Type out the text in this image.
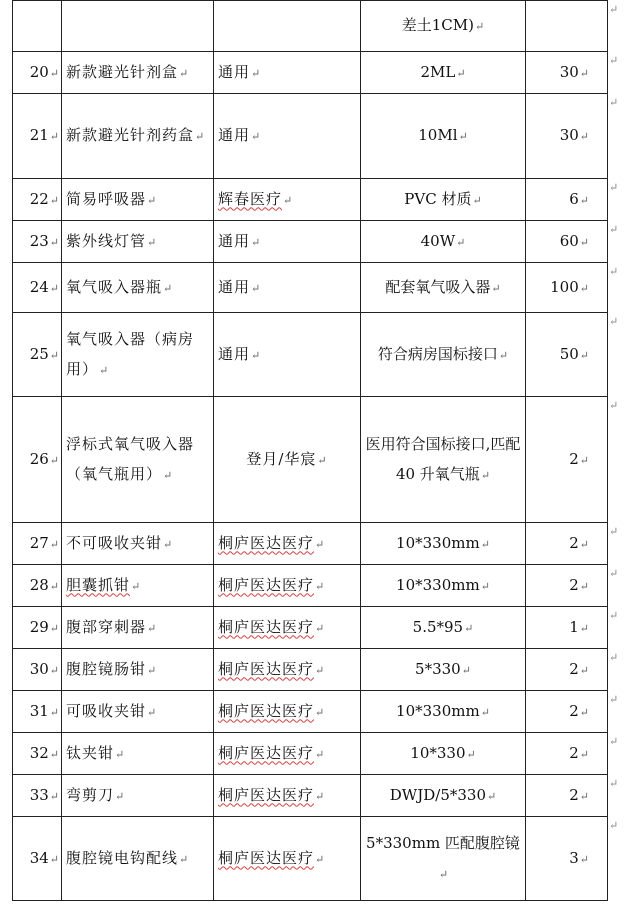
			差土1CM)↵	
20↵	新款避光针剂盒↵	通用↵	2ML↵	30↵
21↵	新款避光针剂药盒↵	通用↵	10Ml↵	30↵
22↵	简易呼吸器↵	辉春医疗↵	PVC 材质↵	6↵
23↵	紫外线灯管↵	通用↵	40W↵	60↵
24↵	氧气吸入器瓶↵	通用↵	配套氧气吸入器↵	100↵
25↵	氧气吸入器（病房用）↵	通用↵	符合病房国标接口↵	50↵
26↵	浮标式氧气吸入器（氧气瓶用）↵	登月/华宸↵	医用符合国标接口,匹配 40 升氧气瓶↵	2↵
27↵	不可吸收夹钳↵	桐庐医达医疗↵	10*330mm↵	2↵
28↵	胆囊抓钳↵	桐庐医达医疗↵	10*330mm↵	2↵
29↵	腹部穿刺器↵	桐庐医达医疗↵	5.5*95↵	1↵
30↵	腹腔镜肠钳↵	桐庐医达医疗↵	5*330↵	2↵
31↵	可吸收夹钳↵	桐庐医达医疗↵	10*330mm↵	2↵
32↵	钛夹钳↵	桐庐医达医疗↵	10*330↵	2↵
33↵	弯剪刀↵	桐庐医达医疗↵	DWJD/5*330↵	2↵
34↵	腹腔镜电钩配线↵	桐庐医达医疗↵	5*330mm 匹配腹腔镜↵	3↵
↵
↵
↵
↵
↵
↵
↵
↵
↵
↵
↵
↵
↵
↵
↵
↵
